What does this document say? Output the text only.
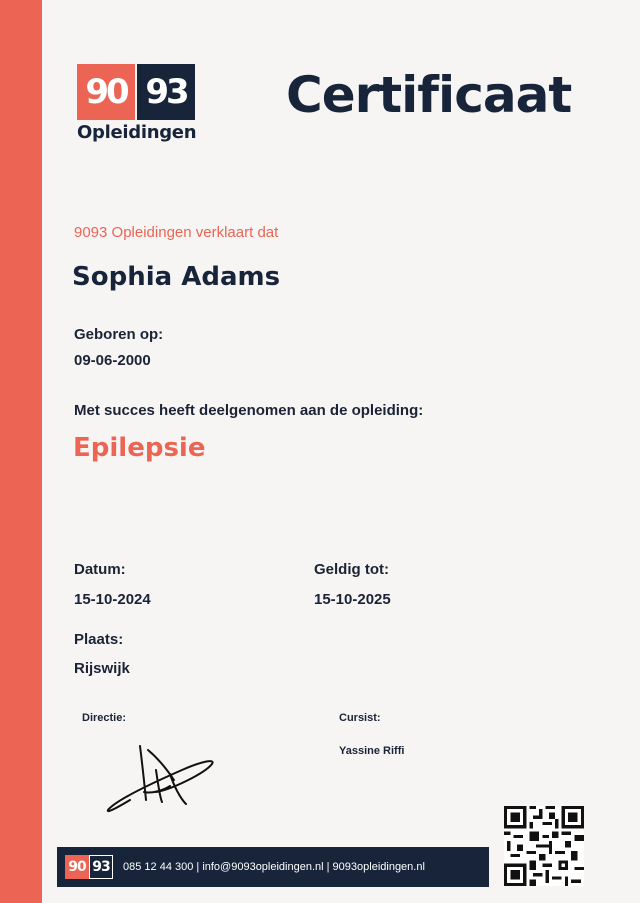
90 93
Opleidingen
Certificaat

9093 Opleidingen verklaart dat

Sophia Adams

Geboren op:

09-06-2000

Met succes heeft deelgenomen aan de opleiding:

Epilepsie

Datum:

15-10-2024

Geldig tot:

15-10-2025

Plaats:

Rijswijk

Directie:	Cursist:

Yassine Riffi

90 93 085 12 44 300 | info@9093opleidingen.nl | 9093opleidingen.nl
